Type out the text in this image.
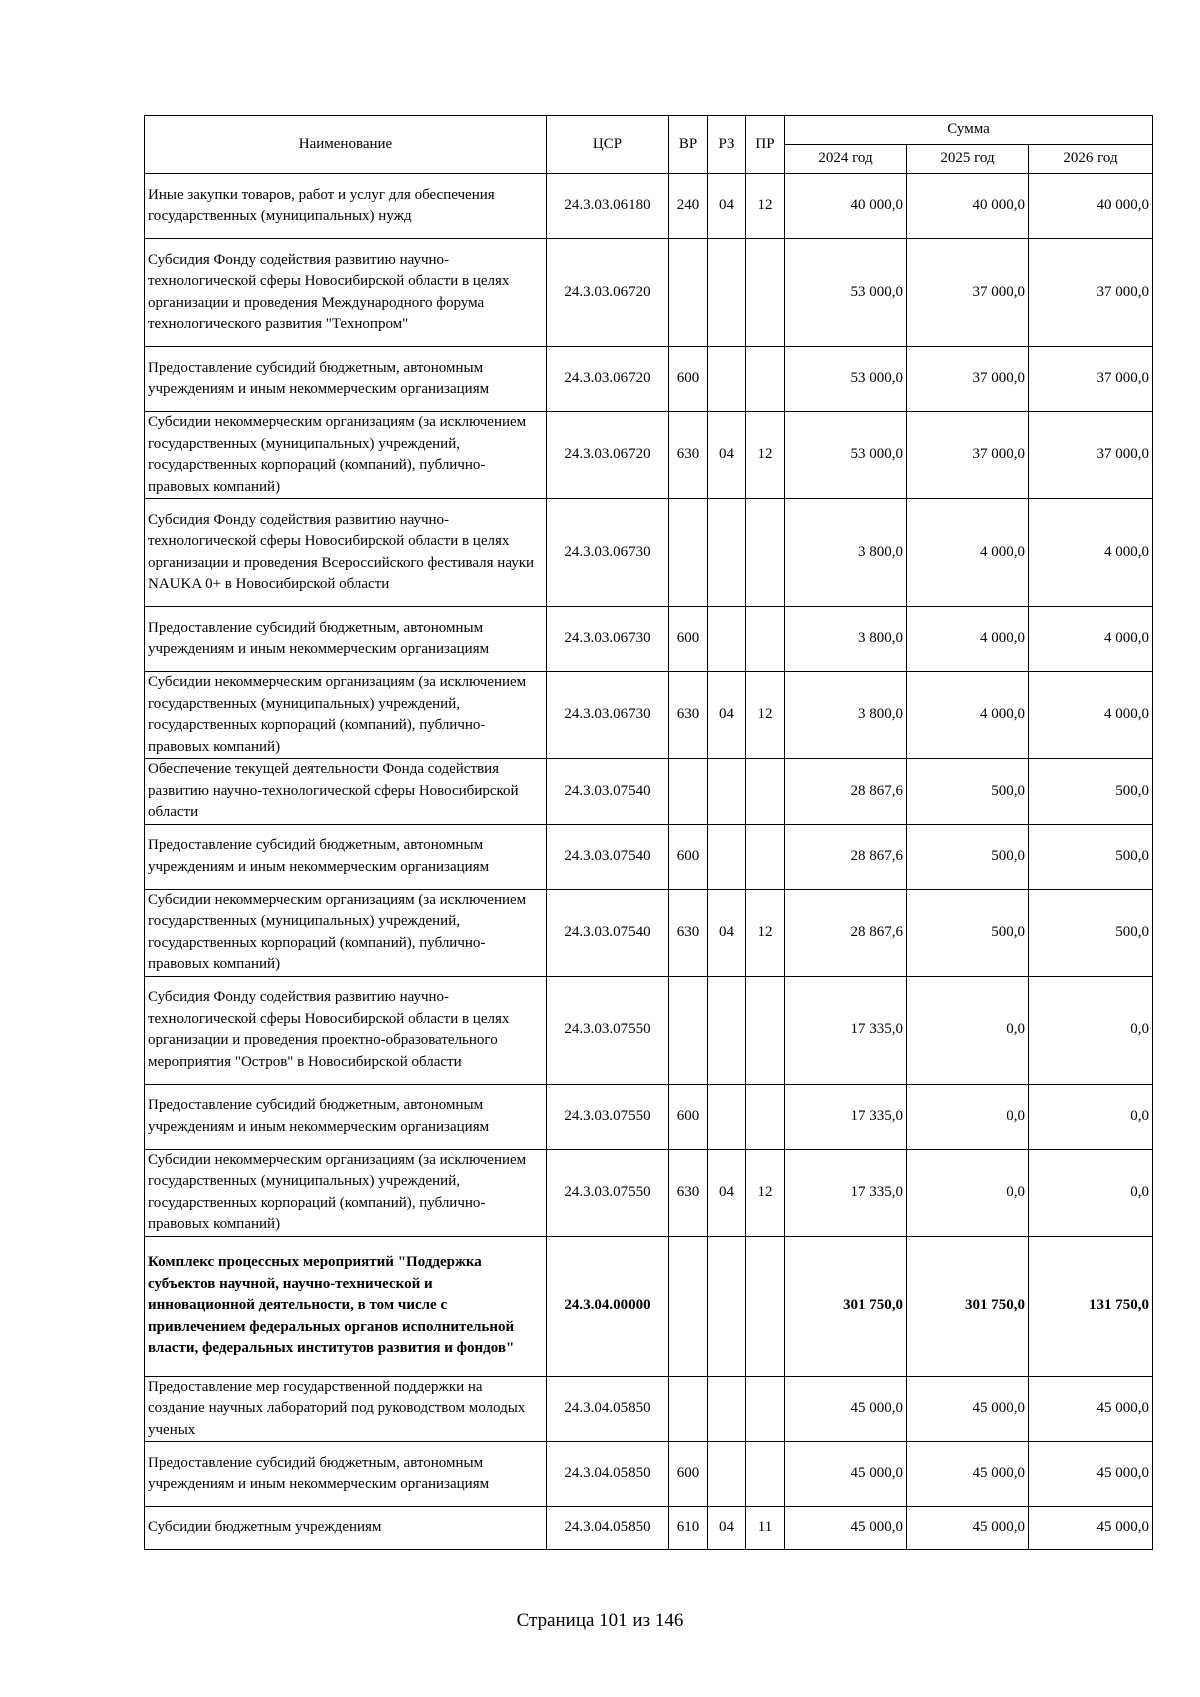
Наименование	ЦСР	ВР	РЗ	ПР	Сумма		
					2024 год	2025 год	2026 год
Иные закупки товаров, работ и услуг для обеспечения государственных (муниципальных) нужд	24.3.03.06180	240	04	12	40 000,0	40 000,0	40 000,0
Субсидия Фонду содействия развитию научно-технологической сферы Новосибирской области в целях организации и проведения Международного форума технологического развития "Технопром"	24.3.03.06720				53 000,0	37 000,0	37 000,0
Предоставление субсидий бюджетным, автономным учреждениям и иным некоммерческим организациям	24.3.03.06720	600			53 000,0	37 000,0	37 000,0
Субсидии некоммерческим организациям (за исключением государственных (муниципальных) учреждений, государственных корпораций (компаний), публично-правовых компаний)	24.3.03.06720	630	04	12	53 000,0	37 000,0	37 000,0
Субсидия Фонду содействия развитию научно-технологической сферы Новосибирской области в целях организации и проведения Всероссийского фестиваля науки NAUKA 0+ в Новосибирской области	24.3.03.06730				3 800,0	4 000,0	4 000,0
Предоставление субсидий бюджетным, автономным учреждениям и иным некоммерческим организациям	24.3.03.06730	600			3 800,0	4 000,0	4 000,0
Субсидии некоммерческим организациям (за исключением государственных (муниципальных) учреждений, государственных корпораций (компаний), публично-правовых компаний)	24.3.03.06730	630	04	12	3 800,0	4 000,0	4 000,0
Обеспечение текущей деятельности Фонда содействия развитию научно-технологической сферы Новосибирской области	24.3.03.07540				28 867,6	500,0	500,0
Предоставление субсидий бюджетным, автономным учреждениям и иным некоммерческим организациям	24.3.03.07540	600			28 867,6	500,0	500,0
Субсидии некоммерческим организациям (за исключением государственных (муниципальных) учреждений, государственных корпораций (компаний), публично-правовых компаний)	24.3.03.07540	630	04	12	28 867,6	500,0	500,0
Субсидия Фонду содействия развитию научно-технологической сферы Новосибирской области в целях организации и проведения проектно-образовательного мероприятия "Остров" в Новосибирской области	24.3.03.07550				17 335,0	0,0	0,0
Предоставление субсидий бюджетным, автономным учреждениям и иным некоммерческим организациям	24.3.03.07550	600			17 335,0	0,0	0,0
Субсидии некоммерческим организациям (за исключением государственных (муниципальных) учреждений, государственных корпораций (компаний), публично-правовых компаний)	24.3.03.07550	630	04	12	17 335,0	0,0	0,0
Комплекс процессных мероприятий "Поддержка субъектов научной, научно-технической и инновационной деятельности, в том числе с привлечением федеральных органов исполнительной власти, федеральных институтов развития и фондов"	24.3.04.00000				301 750,0	301 750,0	131 750,0
Предоставление мер государственной поддержки на создание научных лабораторий под руководством молодых ученых	24.3.04.05850				45 000,0	45 000,0	45 000,0
Предоставление субсидий бюджетным, автономным учреждениям и иным некоммерческим организациям	24.3.04.05850	600			45 000,0	45 000,0	45 000,0
Субсидии бюджетным учреждениям	24.3.04.05850	610	04	11	45 000,0	45 000,0	45 000,0
Страница 101 из 146
